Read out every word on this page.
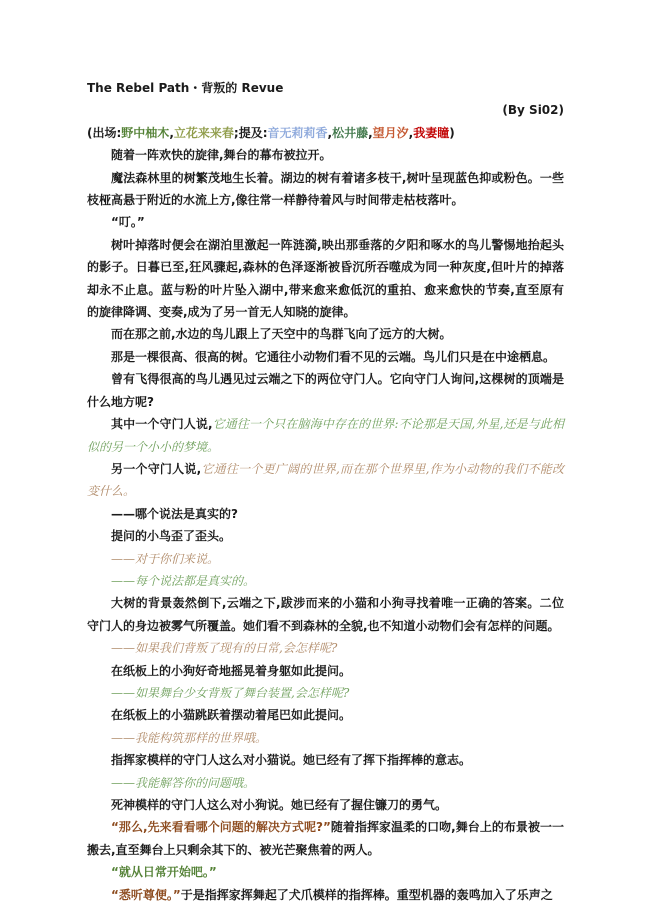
The Rebel Path・背叛的 Revue
(By Si02)

(出场:野中柚木,立花来来春;提及:音无莉莉香,松井藤,望月汐,我妻瞳)

随着一阵欢快的旋律,舞台的幕布被拉开。

魔法森林里的树繁茂地生长着。湖边的树有着诸多枝干,树叶呈现蓝色抑或粉色。一些枝桠高悬于附近的水流上方,像往常一样静待着风与时间带走枯枝落叶。

“叮。”

树叶掉落时便会在湖泊里激起一阵涟漪,映出那垂落的夕阳和啄水的鸟儿警惕地抬起头的影子。日暮已至,狂风骤起,森林的色泽逐渐被昏沉所吞噬成为同一种灰度,但叶片的掉落却永不止息。蓝与粉的叶片坠入湖中,带来愈来愈低沉的重拍、愈来愈快的节奏,直至原有的旋律降调、变奏,成为了另一首无人知晓的旋律。

而在那之前,水边的鸟儿跟上了天空中的鸟群飞向了远方的大树。

那是一棵很高、很高的树。它通往小动物们看不见的云端。鸟儿们只是在中途栖息。

曾有飞得很高的鸟儿遇见过云端之下的两位守门人。它向守门人询问,这棵树的顶端是什么地方呢?

其中一个守门人说,它通往一个只在脑海中存在的世界:不论那是天国,外星,还是与此相似的另一个小小的梦境。

另一个守门人说,它通往一个更广阔的世界,而在那个世界里,作为小动物的我们不能改变什么。

——哪个说法是真实的?

提问的小鸟歪了歪头。

——对于你们来说。

——每个说法都是真实的。

大树的背景轰然倒下,云端之下,跋涉而来的小猫和小狗寻找着唯一正确的答案。二位守门人的身边被雾气所覆盖。她们看不到森林的全貌,也不知道小动物们会有怎样的问题。

——如果我们背叛了现有的日常,会怎样呢?

在纸板上的小狗好奇地摇晃着身躯如此提问。

——如果舞台少女背叛了舞台装置,会怎样呢?

在纸板上的小猫跳跃着摆动着尾巴如此提问。

——我能构筑那样的世界哦。

指挥家模样的守门人这么对小猫说。她已经有了挥下指挥棒的意志。

——我能解答你的问题哦。

死神模样的守门人这么对小狗说。她已经有了握住镰刀的勇气。

“那么,先来看看哪个问题的解决方式呢?”随着指挥家温柔的口吻,舞台上的布景被一一搬去,直至舞台上只剩余其下的、被光芒聚焦着的两人。

“就从日常开始吧。”

“悉听尊便。”于是指挥家挥舞起了犬爪模样的指挥棒。重型机器的轰鸣加入了乐声之
